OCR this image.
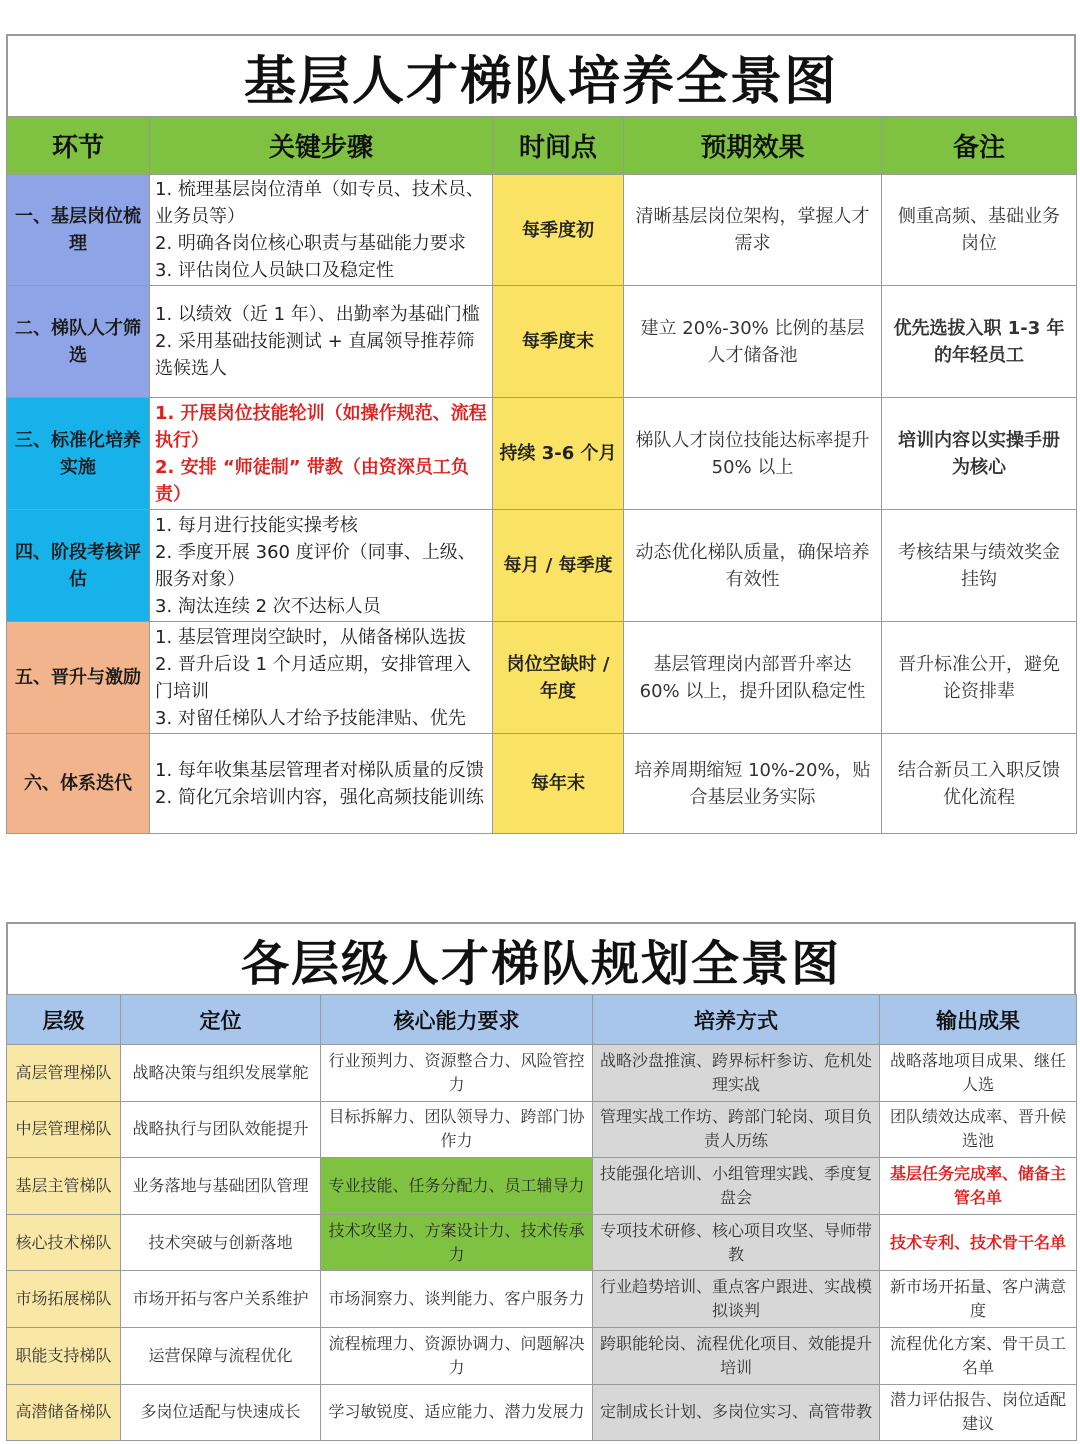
基层人才梯队培养全景图
环节	关键步骤	时间点	预期效果	备注
一、基层岗位梳理	1. 梳理基层岗位清单（如专员、技术员、业务员等）
2. 明确各岗位核心职责与基础能力要求
3. 评估岗位人员缺口及稳定性	每季度初	清晰基层岗位架构，掌握人才需求	侧重高频、基础业务岗位
二、梯队人才筛选	1. 以绩效（近 1 年）、出勤率为基础门槛
2. 采用基础技能测试 + 直属领导推荐筛选候选人	每季度末	建立 20%-30% 比例的基层人才储备池	优先选拔入职 1-3 年的年轻员工
三、标准化培养实施	1. 开展岗位技能轮训（如操作规范、流程执行）
2. 安排 “师徒制” 带教（由资深员工负责）	持续 3-6 个月	梯队人才岗位技能达标率提升 50% 以上	培训内容以实操手册为核心
四、阶段考核评估	1. 每月进行技能实操考核
2. 季度开展 360 度评价（同事、上级、服务对象）
3. 淘汰连续 2 次不达标人员	每月 / 每季度	动态优化梯队质量，确保培养有效性	考核结果与绩效奖金挂钩
五、晋升与激励	1. 基层管理岗空缺时，从储备梯队选拔
2. 晋升后设 1 个月适应期，安排管理入门培训
3. 对留任梯队人才给予技能津贴、优先	岗位空缺时 / 年度	基层管理岗内部晋升率达 60% 以上，提升团队稳定性	晋升标准公开，避免论资排辈
六、体系迭代	1. 每年收集基层管理者对梯队质量的反馈2. 简化冗余培训内容，强化高频技能训练	每年末	培养周期缩短 10%-20%，贴合基层业务实际	结合新员工入职反馈优化流程
各层级人才梯队规划全景图
层级	定位	核心能力要求	培养方式	输出成果
高层管理梯队	战略决策与组织发展掌舵	行业预判力、资源整合力、风险管控力	战略沙盘推演、跨界标杆参访、危机处理实战	战略落地项目成果、继任人选
中层管理梯队	战略执行与团队效能提升	目标拆解力、团队领导力、跨部门协作力	管理实战工作坊、跨部门轮岗、项目负责人历练	团队绩效达成率、晋升候选池
基层主管梯队	业务落地与基础团队管理	专业技能、任务分配力、员工辅导力	技能强化培训、小组管理实践、季度复盘会	基层任务完成率、储备主管名单
核心技术梯队	技术突破与创新落地	技术攻坚力、方案设计力、技术传承力	专项技术研修、核心项目攻坚、导师带教	技术专利、技术骨干名单
市场拓展梯队	市场开拓与客户关系维护	市场洞察力、谈判能力、客户服务力	行业趋势培训、重点客户跟进、实战模拟谈判	新市场开拓量、客户满意度
职能支持梯队	运营保障与流程优化	流程梳理力、资源协调力、问题解决力	跨职能轮岗、流程优化项目、效能提升培训	流程优化方案、骨干员工名单
高潜储备梯队	多岗位适配与快速成长	学习敏锐度、适应能力、潜力发展力	定制成长计划、多岗位实习、高管带教	潜力评估报告、岗位适配建议
